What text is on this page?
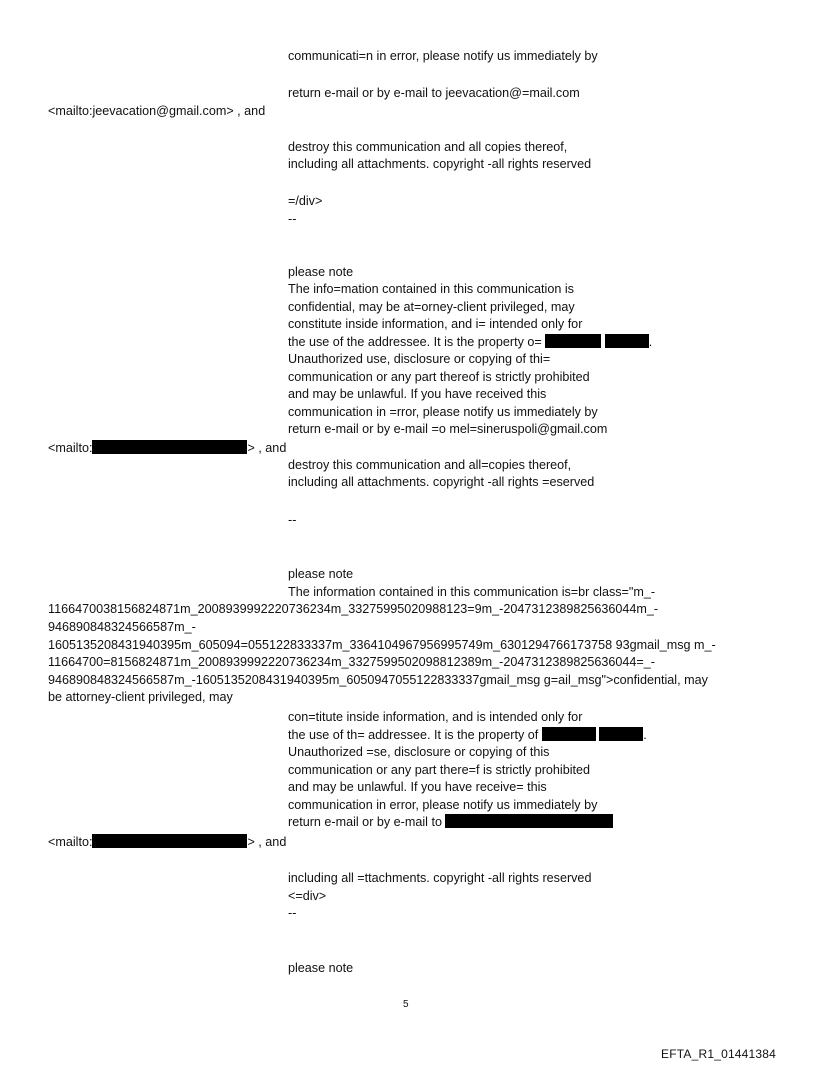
communicati=n in error, please notify us immediately by
return e-mail or by e-mail to jeevacation@=mail.com
<mailto:jeevacation@gmail.com> , and
destroy this communication and all copies thereof,
including all attachments. copyright -all rights reserved
=/div>
--
please note
The info=mation contained in this communication is
confidential, may be at=orney-client privileged, may
constitute inside information, and i= intended only for
the use of the addressee. It is the property o=	.
Unauthorized use, disclosure or copying of thi=
communication or any part thereof is strictly prohibited
and may be unlawful. If you have received this
communication in =rror, please notify us immediately by
return e-mail or by e-mail =o mel=sineruspoli@gmail.com
<mailto:	> , and
destroy this communication and all=copies thereof,
including all attachments. copyright -all rights =eserved
--
please note
The information contained in this communication is=br class="m_-
1166470038156824871m_2008939992220736234m_33275995020988123=9m_-2047312389825636044m_-
946890848324566587m_-
1605135208431940395m_605094=055122833337m_3364104967956995749m_6301294766173758 93gmail_msg m_-
11664700=8156824871m_2008939992220736234m_3327599502098812389m_-2047312389825636044=_-
946890848324566587m_-1605135208431940395m_6050947055122833337gmail_msg g=ail_msg">confidential, may
be attorney-client privileged, may
con=titute inside information, and is intended only for
the use of th= addressee. It is the property of	.
Unauthorized =se, disclosure or copying of this
communication or any part there=f is strictly prohibited
and may be unlawful. If you have receive= this
communication in error, please notify us immediately by
return e-mail or by e-mail to
<mailto:	> , and
including all =ttachments. copyright -all rights reserved
<=div>
--
please note
5
EFTA_R1_01441384
